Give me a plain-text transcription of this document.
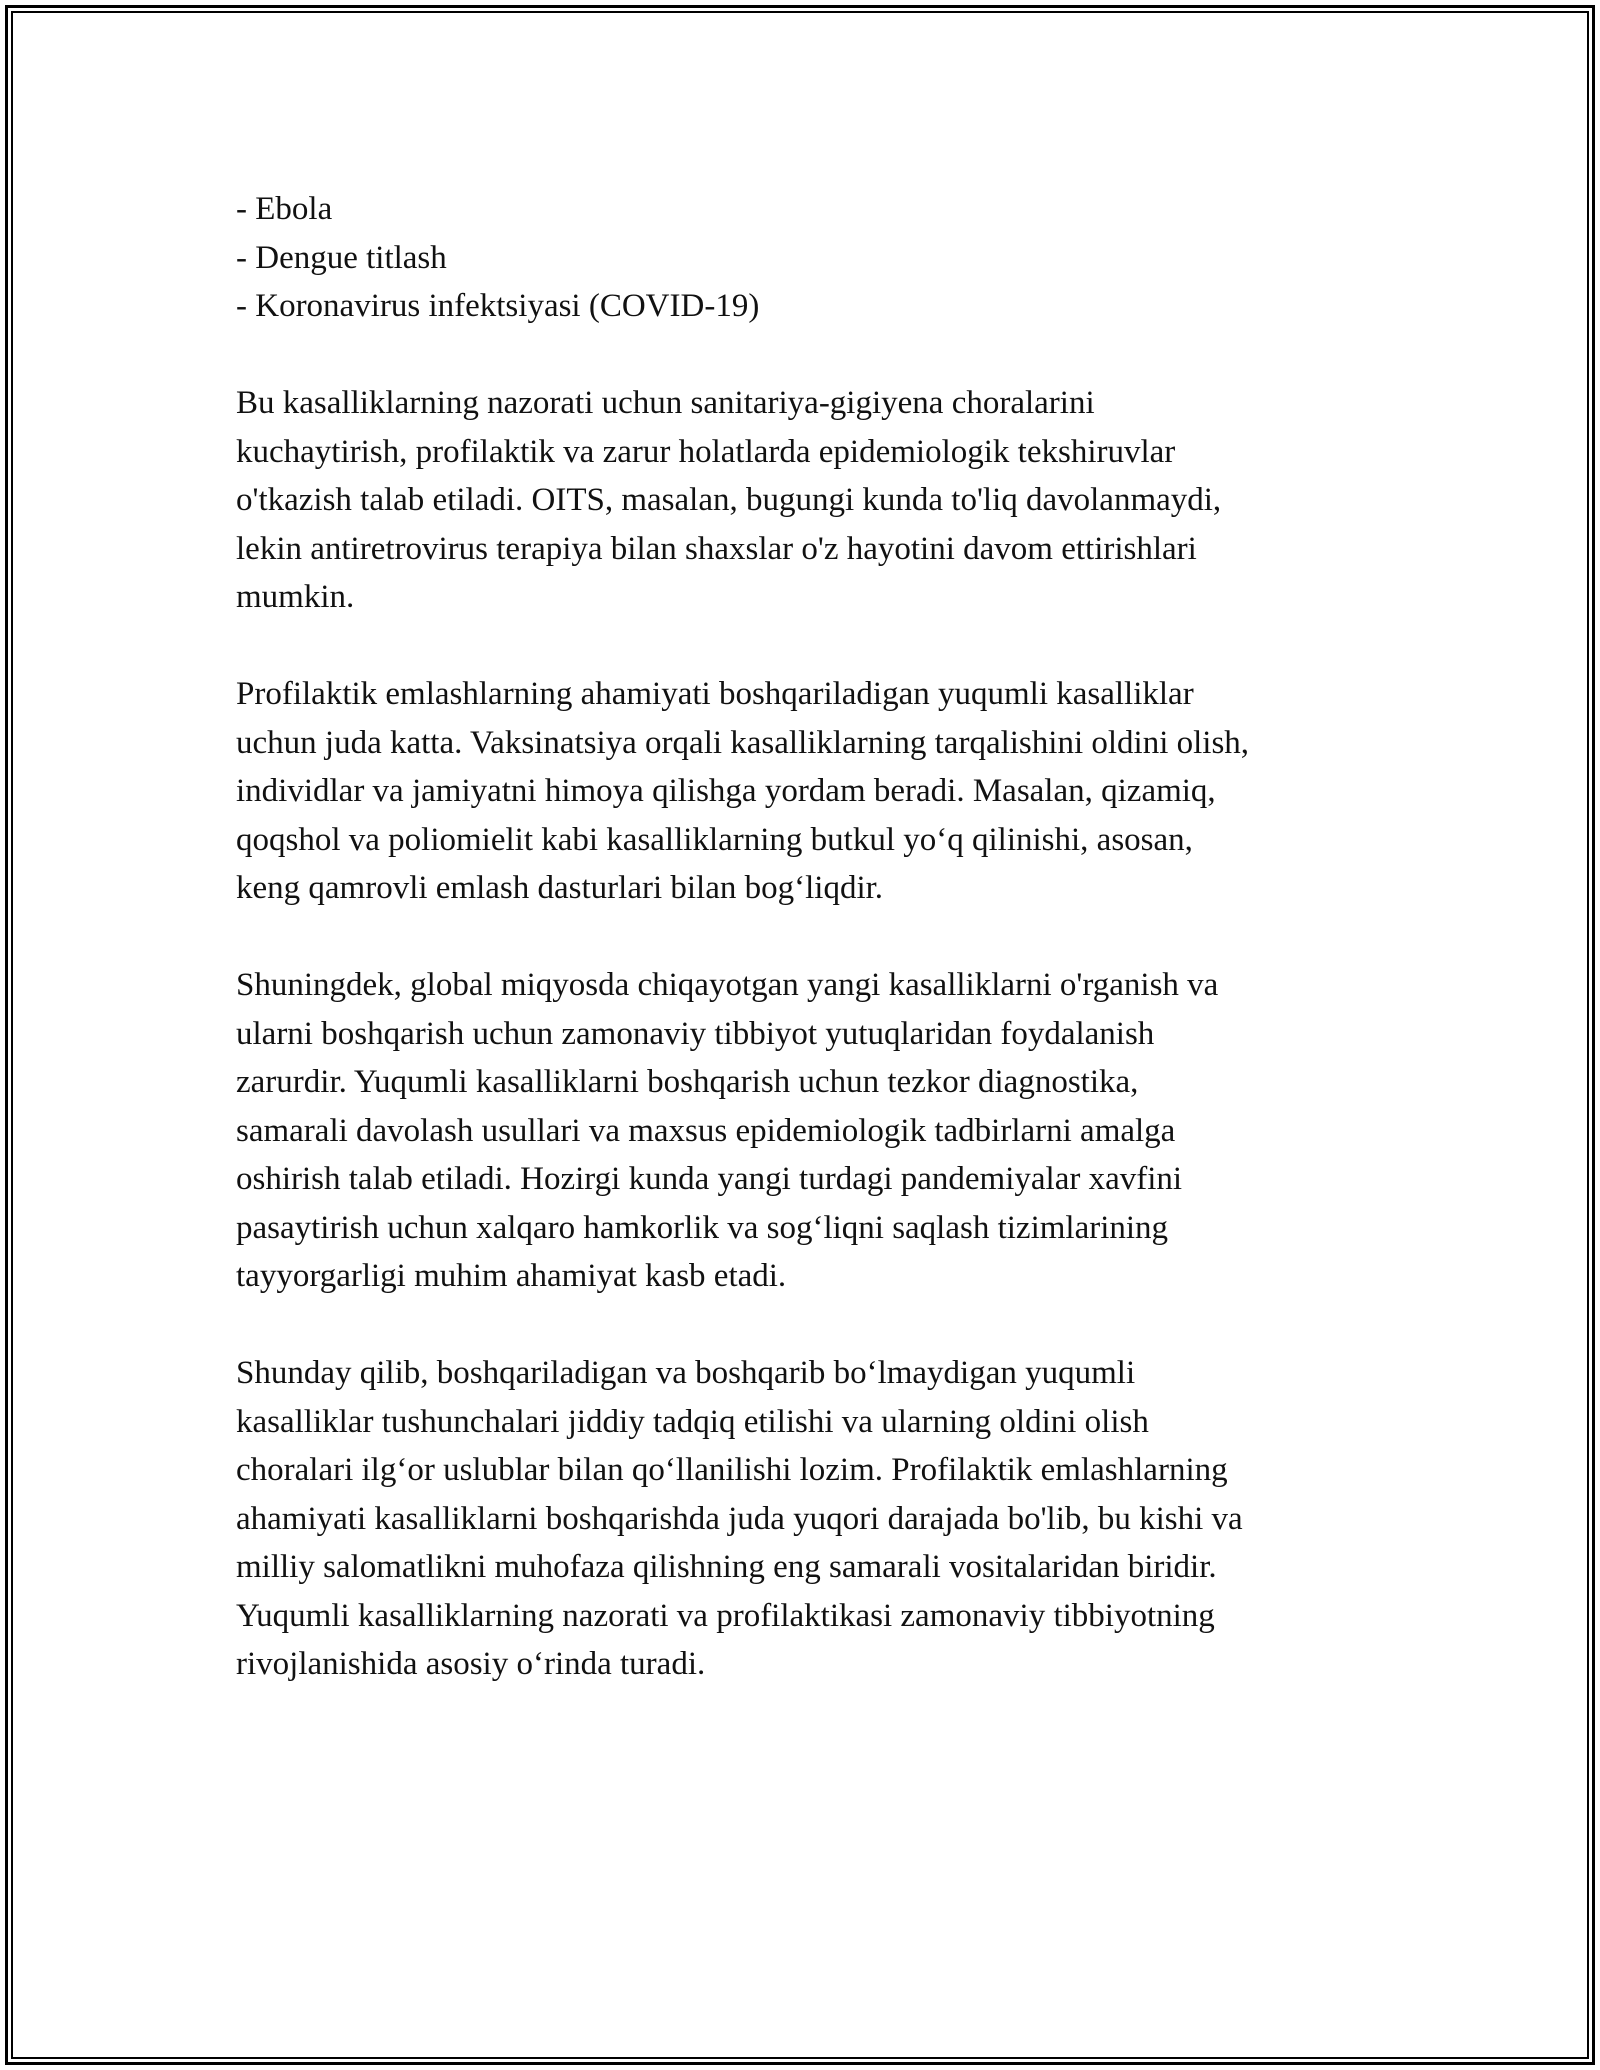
- Ebola
- Dengue titlash
- Koronavirus infektsiyasi (COVID-19)

Bu kasalliklarning nazorati uchun sanitariya-gigiyena choralarini
kuchaytirish, profilaktik va zarur holatlarda epidemiologik tekshiruvlar
o'tkazish talab etiladi. OITS, masalan, bugungi kunda to'liq davolanmaydi,
lekin antiretrovirus terapiya bilan shaxslar o'z hayotini davom ettirishlari
mumkin.

Profilaktik emlashlarning ahamiyati boshqariladigan yuqumli kasalliklar
uchun juda katta. Vaksinatsiya orqali kasalliklarning tarqalishini oldini olish,
individlar va jamiyatni himoya qilishga yordam beradi. Masalan, qizamiq,
qoqshol va poliomielit kabi kasalliklarning butkul yo‘q qilinishi, asosan,
keng qamrovli emlash dasturlari bilan bog‘liqdir.

Shuningdek, global miqyosda chiqayotgan yangi kasalliklarni o'rganish va
ularni boshqarish uchun zamonaviy tibbiyot yutuqlaridan foydalanish
zarurdir. Yuqumli kasalliklarni boshqarish uchun tezkor diagnostika,
samarali davolash usullari va maxsus epidemiologik tadbirlarni amalga
oshirish talab etiladi. Hozirgi kunda yangi turdagi pandemiyalar xavfini
pasaytirish uchun xalqaro hamkorlik va sog‘liqni saqlash tizimlarining
tayyorgarligi muhim ahamiyat kasb etadi.

Shunday qilib, boshqariladigan va boshqarib bo‘lmaydigan yuqumli
kasalliklar tushunchalari jiddiy tadqiq etilishi va ularning oldini olish
choralari ilg‘or uslublar bilan qo‘llanilishi lozim. Profilaktik emlashlarning
ahamiyati kasalliklarni boshqarishda juda yuqori darajada bo'lib, bu kishi va
milliy salomatlikni muhofaza qilishning eng samarali vositalaridan biridir.
Yuqumli kasalliklarning nazorati va profilaktikasi zamonaviy tibbiyotning
rivojlanishida asosiy o‘rinda turadi.
